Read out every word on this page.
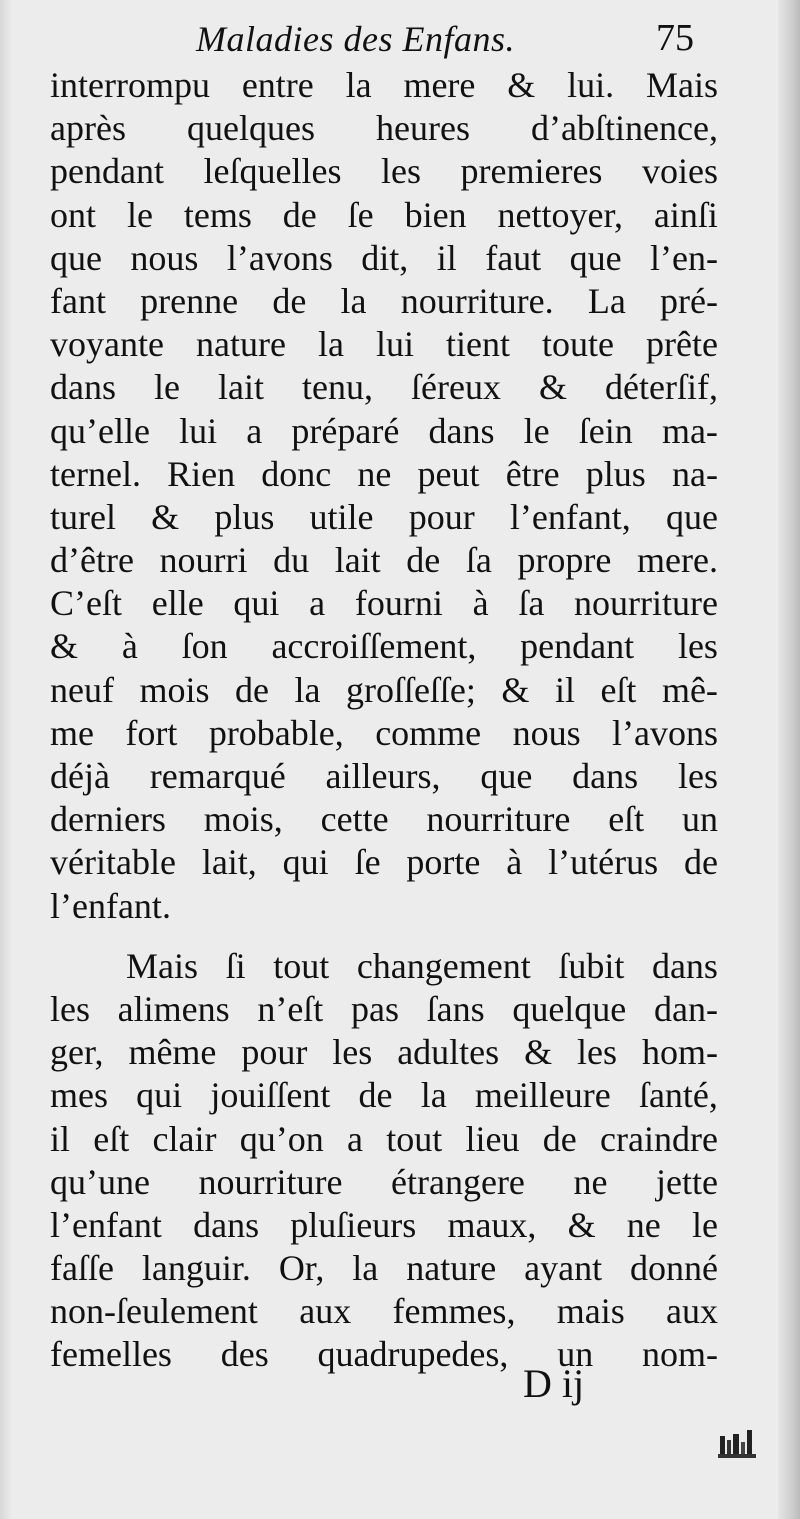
Maladies des Enfans.	75
interrompu entre la mere & lui. Mais
après quelques heures d’abſtinence,
pendant leſquelles les premieres voies
ont le tems de ſe bien nettoyer, ainſi
que nous l’avons dit, il faut que l’en-
fant prenne de la nourriture. La pré-
voyante nature la lui tient toute prête
dans le lait tenu, ſéreux & déterſif,
qu’elle lui a préparé dans le ſein ma-
ternel. Rien donc ne peut être plus na-
turel & plus utile pour l’enfant, que
d’être nourri du lait de ſa propre mere.
C’eſt elle qui a fourni à ſa nourriture
& à ſon accroiſſement, pendant les
neuf mois de la groſſeſſe; & il eſt mê-
me fort probable, comme nous l’avons
déjà remarqué ailleurs, que dans les
derniers mois, cette nourriture eſt un
véritable lait, qui ſe porte à l’utérus de
l’enfant.
Mais ſi tout changement ſubit dans
les alimens n’eſt pas ſans quelque dan-
ger, même pour les adultes & les hom-
mes qui jouiſſent de la meilleure ſanté,
il eſt clair qu’on a tout lieu de craindre
qu’une nourriture étrangere ne jette
l’enfant dans pluſieurs maux, & ne le
faſſe languir. Or, la nature ayant donné
non-ſeulement aux femmes, mais aux
femelles des quadrupedes, un nom-
D ij
